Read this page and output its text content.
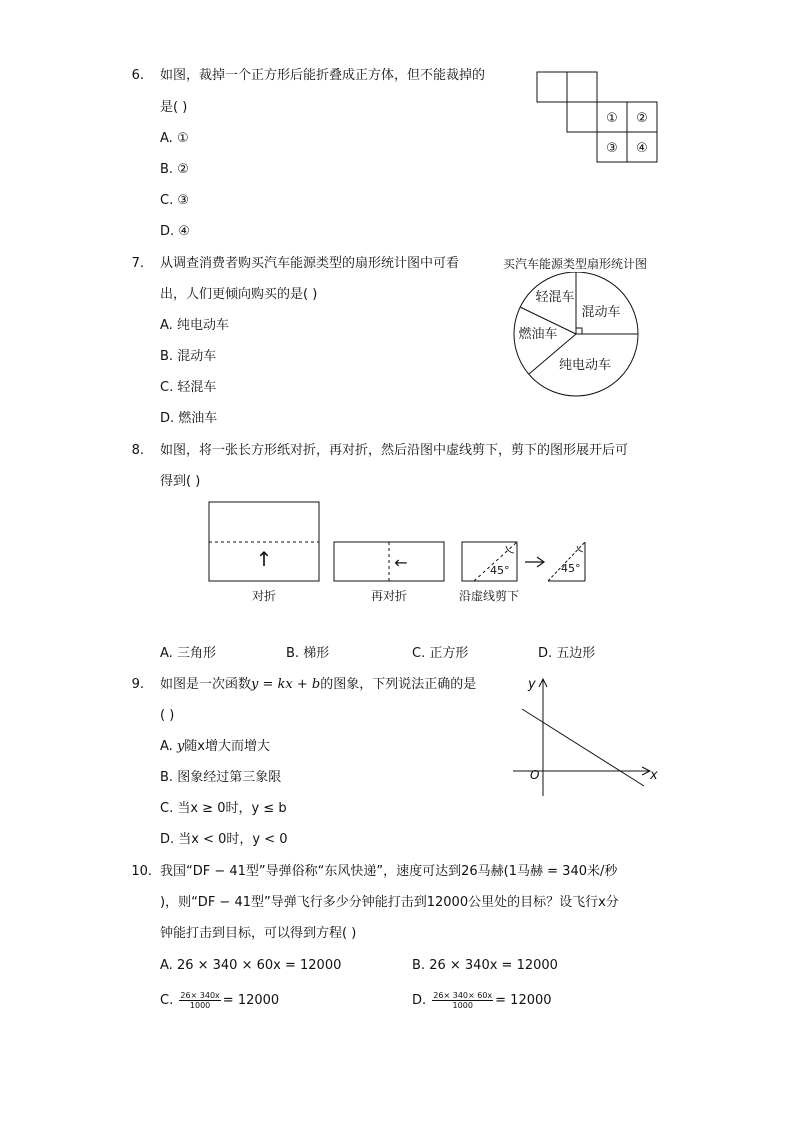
6. 如图，裁掉一个正方形后能折叠成正方体，但不能裁掉的
是( )
A. ①
B. ②
C. ③
D. ④
① ②
③ ④
7. 从调查消费者购买汽车能源类型的扇形统计图中可看
出，人们更倾向购买的是( )
A. 纯电动车
B. 混动车
C. 轻混车
D. 燃油车
买汽车能源类型扇形统计图
轻混车
混动车
燃油车
纯电动车
8. 如图，将一张长方形纸对折，再对折，然后沿图中虚线剪下，剪下的图形展开后可
得到( )
↑
对折
←
再对折
45°
沿虚线剪下
45°
A. 三角形	B. 梯形	C. 正方形	D. 五边形
9. 如图是一次函数y = kx + b的图象，下列说法正确的是
( )
A. y随x增大而增大
B. 图象经过第三象限
C. 当x ≥ 0时，y ≤ b
D. 当x < 0时，y < 0
y
x
O
10. 我国“DF − 41型”导弹俗称“东风快递”，速度可达到26马赫(1马赫 = 340米/秒
)，则“DF − 41型”导弹飞行多少分钟能打击到12000公里处的目标？设飞行x分
钟能打击到目标，可以得到方程( )
A. 26 × 340 × 60x = 12000	B. 26 × 340x = 12000
C. $\frac{26\times 340x}{1000} = 12000$	D. $\frac{26\times 340\times 60x}{1000} = 12000$
